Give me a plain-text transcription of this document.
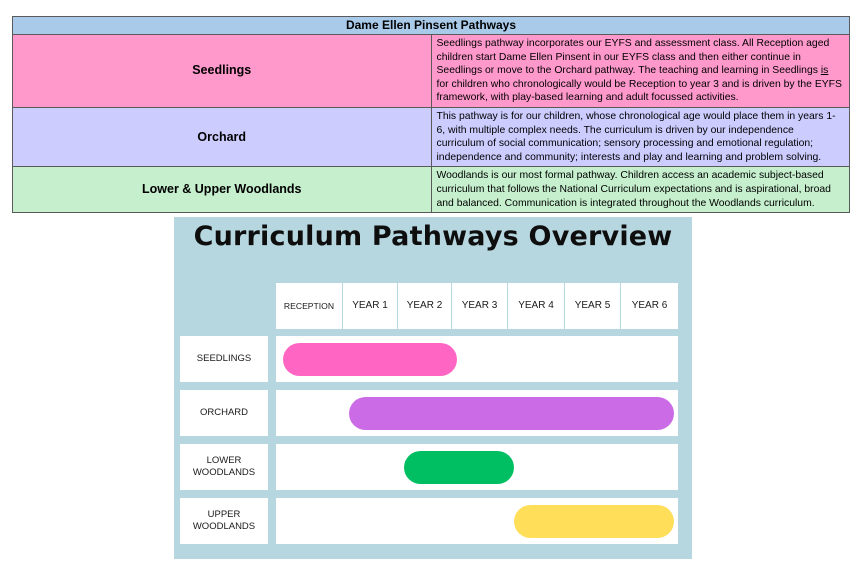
Dame Ellen Pinsent Pathways	
Seedlings	Seedlings pathway incorporates our EYFS and assessment class. All Reception aged children start Dame Ellen Pinsent in our EYFS class and then either continue in Seedlings or move to the Orchard pathway. The teaching and learning in Seedlings is for children who chronologically would be Reception to year 3 and is driven by the EYFS framework, with play-based learning and adult focussed activities.
Orchard	This pathway is for our children, whose chronological age would place them in years 1-6, with multiple complex needs. The curriculum is driven by our independence curriculum of social communication; sensory processing and emotional regulation; independence and community; interests and play and learning and problem solving.
Lower & Upper Woodlands	Woodlands is our most formal pathway. Children access an academic subject-based curriculum that follows the National Curriculum expectations and is aspirational, broad and balanced. Communication is integrated throughout the Woodlands curriculum.
Curriculum Pathways Overview
RECEPTION	YEAR 1	YEAR 2	YEAR 3	YEAR 4	YEAR 5	YEAR 6
SEEDLINGS
ORCHARD
LOWER
WOODLANDS
UPPER
WOODLANDS
